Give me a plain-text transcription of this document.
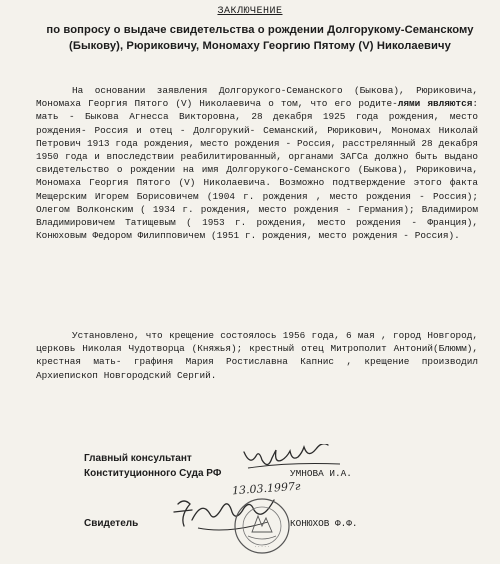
ЗАКЛЮЧЕНИЕ
по вопросу о выдаче свидетельства о рождении Долгорукому-Семанскому
(Быкову), Рюриковичу, Мономаху Георгию Пятому (V) Николаевичу
На основании заявления Долгорукого-Семанского (Быкова), Рюриковича, Мономаха Георгия Пятого (V) Николаевича о том, что его родите-лями являются: мать - Быкова Агнесса Викторовна, 28 декабря 1925 года рождения, место рождения- Россия и отец - Долгорукий- Семанский, Рюрикович, Мономах Николай Петрович 1913 года рождения, место рождения - Россия, расстрелянный 28 декабря 1950 года и впоследствии реабилитированный, органами ЗАГСа должно быть выдано свидетельство о рождении на имя Долгорукого-Семанского (Быкова), Рюриковича, Мономаха Георгия Пятого (V) Николаевича. Возможно подтверждение этого факта Мещерским Игорем Борисовичем (1904 г. рождения , место рождения - Россия); Олегом Волконским ( 1934 г. рождения, место рождения - Германия); Владимиром Владимировичем Татищевым ( 1953 г. рождения, место рождения - Франция), Конюховым Федором Филипповичем (1951 г. рождения, место рождения - Россия).
Установлено, что крещение состоялось 1956 года, 6 мая , город Новгород, церковь Николая Чудотворца (Княжья); крестный отец Митрополит Антоний(Блюмм), крестная мать- графиня Мария Ростиславна Капнис , крещение производил Архиепископ Новгородский Сергий.
Главный консультант
Конституционного Суда РФ	УМНОВА И.А.
Свидетель	КОНЮХОВ Ф.Ф.
13.03.1997г
· · · · ·
